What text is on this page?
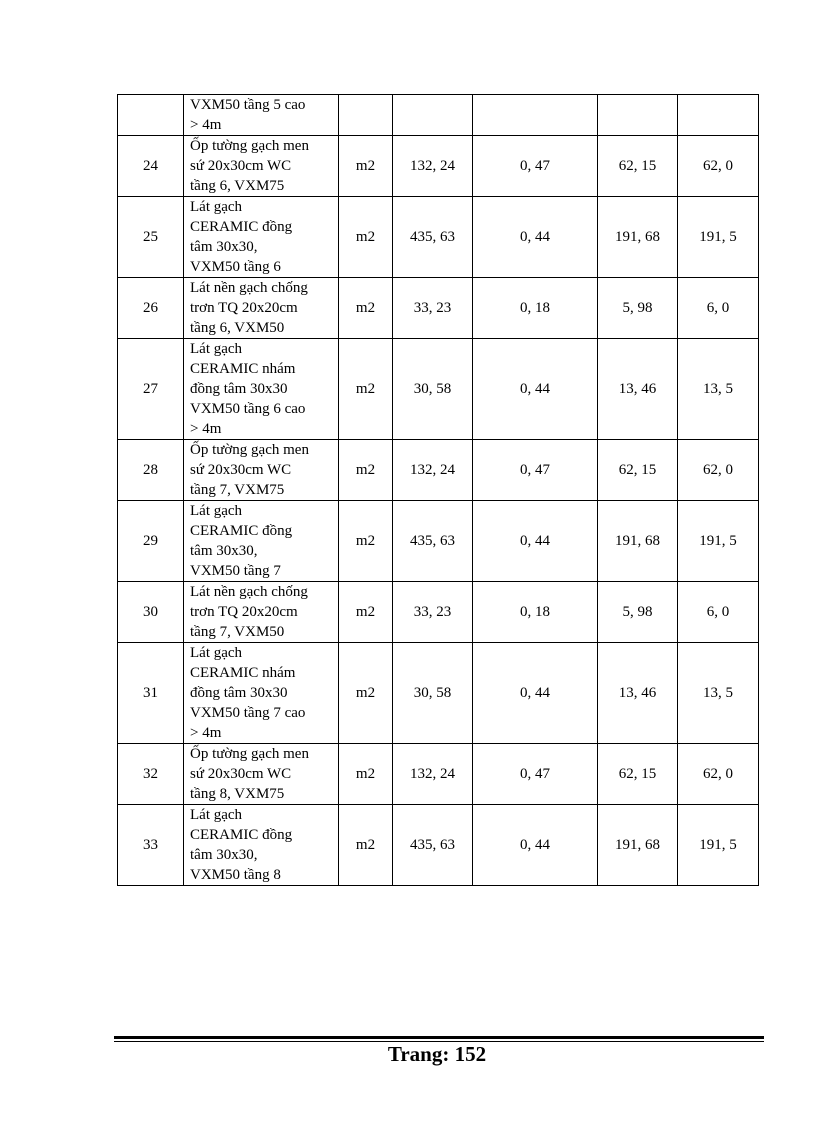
	VXM50 tầng 5 cao
> 4m					

24	Ốp tường gạch men
sứ 20x30cm WC
tầng 6, VXM75	m2	132, 24	0, 47	62, 15	62, 0
25	Lát gạch
CERAMIC đồng
tâm 30x30,
VXM50 tầng 6	m2	435, 63	0, 44	191, 68	191, 5
26	Lát nền gạch chống
trơn TQ 20x20cm
tầng 6, VXM50	m2	33, 23	0, 18	5, 98	6, 0
27	Lát gạch
CERAMIC nhám
đồng tâm 30x30
VXM50 tầng 6 cao
> 4m	m2	30, 58	0, 44	13, 46	13, 5
28	Ốp tường gạch men
sứ 20x30cm WC
tầng 7, VXM75	m2	132, 24	0, 47	62, 15	62, 0
29	Lát gạch
CERAMIC đồng
tâm 30x30,
VXM50 tầng 7	m2	435, 63	0, 44	191, 68	191, 5
30	Lát nền gạch chống
trơn TQ 20x20cm
tầng 7, VXM50	m2	33, 23	0, 18	5, 98	6, 0
31	Lát gạch
CERAMIC nhám
đồng tâm 30x30
VXM50 tầng 7 cao
> 4m	m2	30, 58	0, 44	13, 46	13, 5
32	Ốp tường gạch men
sứ 20x30cm WC
tầng 8, VXM75	m2	132, 24	0, 47	62, 15	62, 0
33	Lát gạch
CERAMIC đồng
tâm 30x30,
VXM50 tầng 8	m2	435, 63	0, 44	191, 68	191, 5
Trang: 152
